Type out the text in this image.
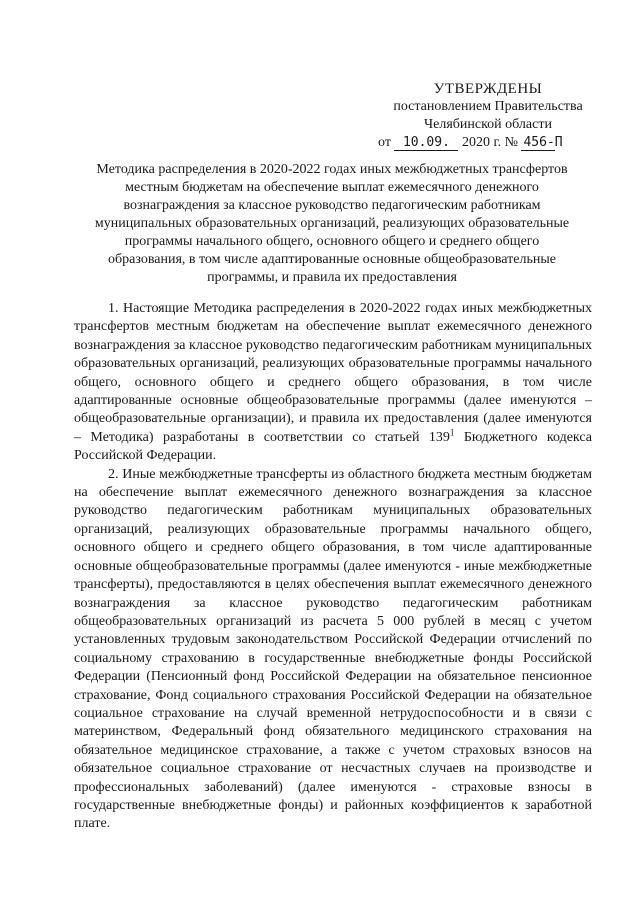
УТВЕРЖДЕНЫ
постановлением Правительства
Челябинской области
от 10.09. 2020 г. № 456-П
Методика распределения в 2020-2022 годах иных межбюджетных трансфертов
местным бюджетам на обеспечение выплат ежемесячного денежного
вознаграждения за классное руководство педагогическим работникам
муниципальных образовательных организаций, реализующих образовательные
программы начального общего, основного общего и среднего общего
образования, в том числе адаптированные основные общеобразовательные
программы, и правила их предоставления

1. Настоящие Методика распределения в 2020-2022 годах иных межбюджетных трансфертов местным бюджетам на обеспечение выплат ежемесячного денежного вознаграждения за классное руководство педагогическим работникам муниципальных образовательных организаций, реализующих образовательные программы начального общего, основного общего и среднего общего образования, в том числе адаптированные основные общеобразовательные программы (далее именуются – общеобразовательные организации), и правила их предоставления (далее именуются – Методика) разработаны в соответствии со статьей $139^1$ Бюджетного кодекса Российской Федерации.

2. Иные межбюджетные трансферты из областного бюджета местным бюджетам на обеспечение выплат ежемесячного денежного вознаграждения за классное руководство педагогическим работникам муниципальных образовательных организаций, реализующих образовательные программы начального общего, основного общего и среднего общего образования, в том числе адаптированные основные общеобразовательные программы (далее именуются - иные межбюджетные трансферты), предоставляются в целях обеспечения выплат ежемесячного денежного вознаграждения за классное руководство педагогическим работникам общеобразовательных организаций из расчета 5 000 рублей в месяц с учетом установленных трудовым законодательством Российской Федерации отчислений по социальному страхованию в государственные внебюджетные фонды Российской Федерации (Пенсионный фонд Российской Федерации на обязательное пенсионное страхование, Фонд социального страхования Российской Федерации на обязательное социальное страхование на случай временной нетрудоспособности и в связи с материнством, Федеральный фонд обязательного медицинского страхования на обязательное медицинское страхование, а также с учетом страховых взносов на обязательное социальное страхование от несчастных случаев на производстве и профессиональных заболеваний) (далее именуются - страховые взносы в государственные внебюджетные фонды) и районных коэффициентов к заработной плате.
